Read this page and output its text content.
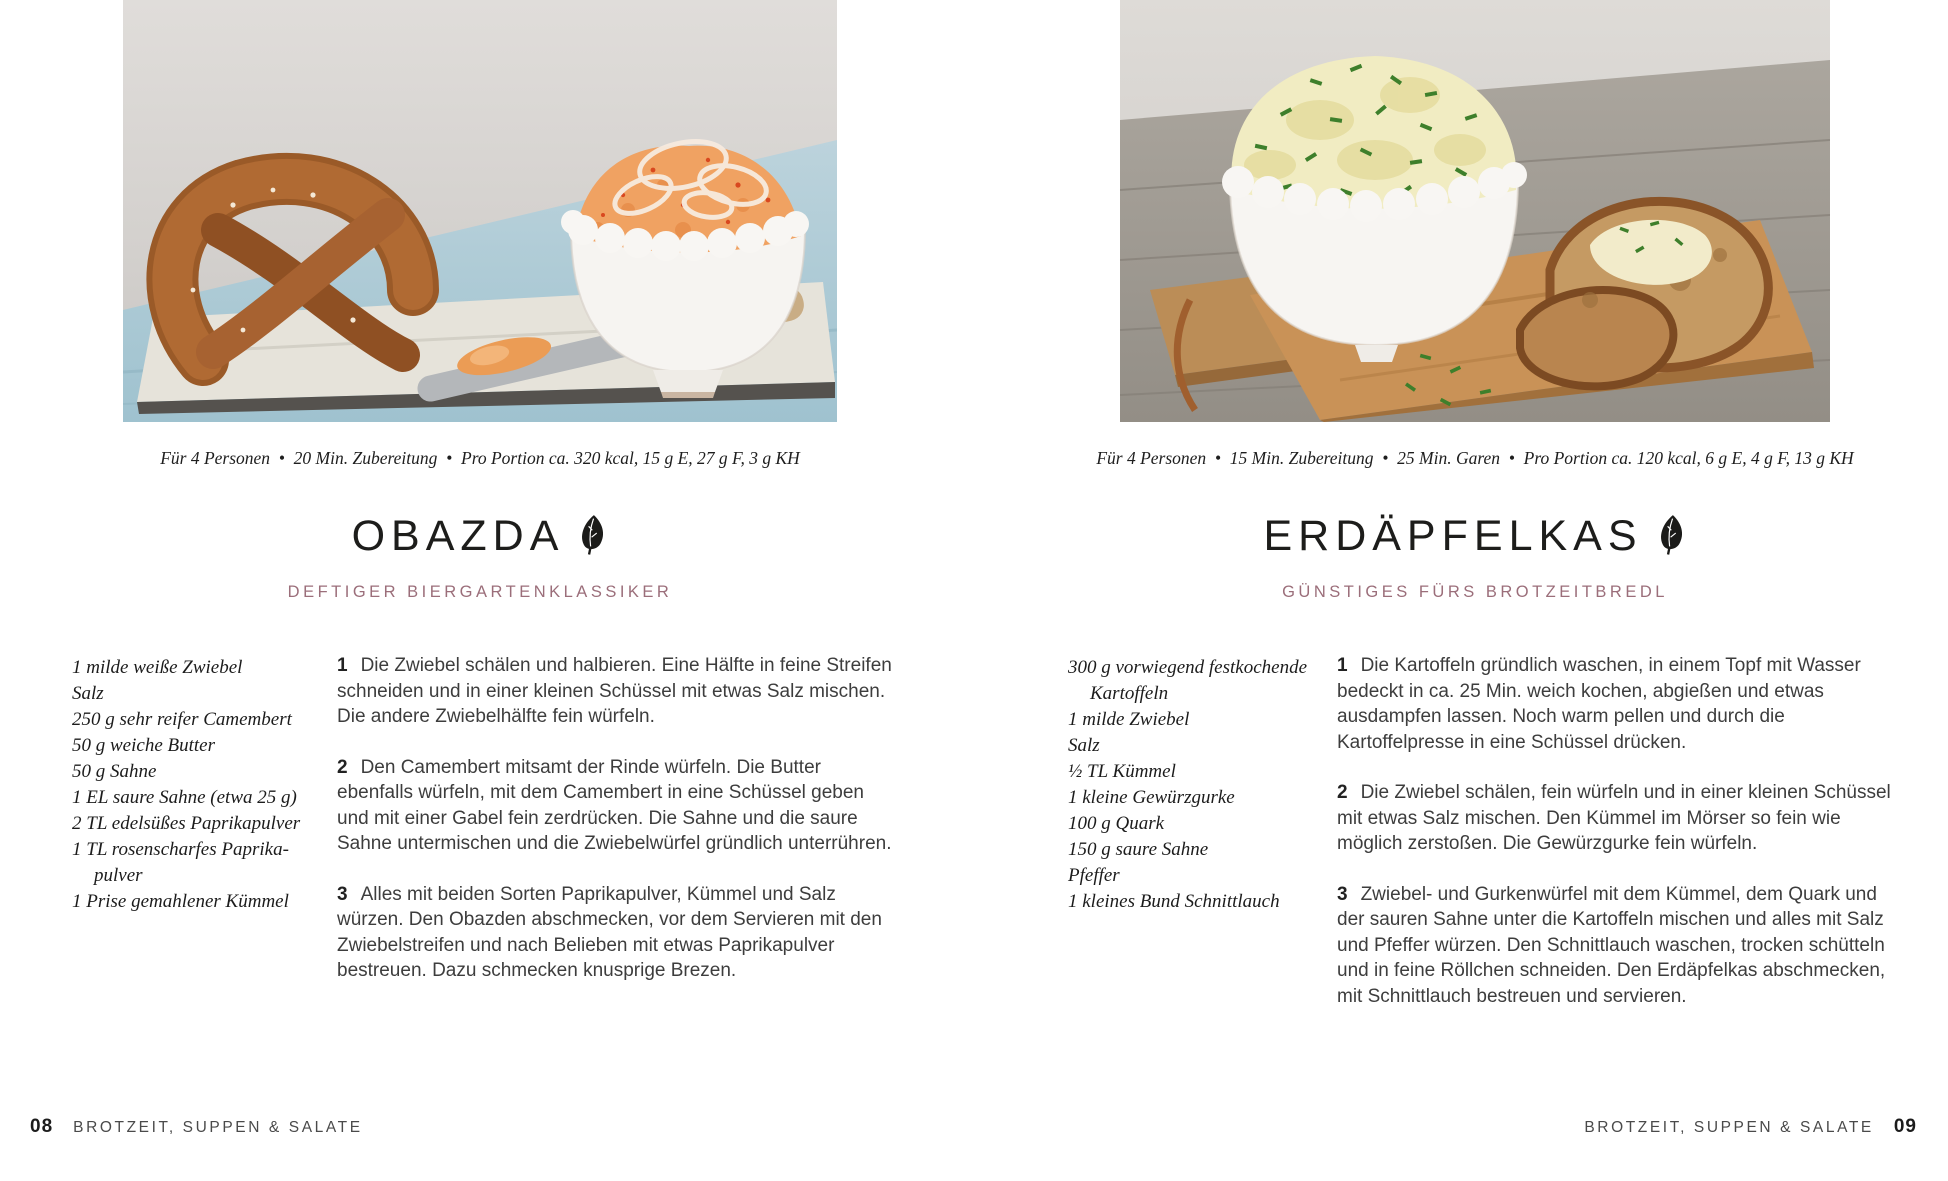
Für 4 Personen  •  20 Min. Zubereitung  •  Pro Portion ca. 320 kcal, 15 g E, 27 g F, 3 g KH
OBAZDA
DEFTIGER BIERGARTENKLASSIKER
1 milde weiße Zwiebel
Salz
250 g sehr reifer Camembert
50 g weiche Butter
50 g Sahne
1 EL saure Sahne (etwa 25 g)
2 TL edelsüßes Paprikapulver
1 TL rosenscharfes Paprika-
pulver
1 Prise gemahlener Kümmel

1 Die Zwiebel schälen und halbieren. Eine Hälfte in feine Streifen schneiden und in einer kleinen Schüssel mit etwas Salz mischen. Die andere Zwiebelhälfte fein würfeln.

2 Den Camembert mitsamt der Rinde würfeln. Die Butter ebenfalls würfeln, mit dem Camembert in eine Schüssel geben und mit einer Gabel fein zerdrücken. Die Sahne und die saure Sahne untermischen und die Zwiebelwürfel gründlich unterrühren.

3 Alles mit beiden Sorten Paprikapulver, Kümmel und Salz würzen. Den Obazden abschmecken, vor dem Servieren mit den Zwiebelstreifen und nach Belieben mit etwas Paprikapulver bestreuen. Dazu schmecken knusprige Brezen.

08 BROTZEIT, SUPPEN & SALATE
Für 4 Personen  •  15 Min. Zubereitung  •  25 Min. Garen  •  Pro Portion ca. 120 kcal, 6 g E, 4 g F, 13 g KH
ERDÄPFELKAS
GÜNSTIGES FÜRS BROTZEITBREDL
300 g vorwiegend festkochende
Kartoffeln
1 milde Zwiebel
Salz
½ TL Kümmel
1 kleine Gewürzgurke
100 g Quark
150 g saure Sahne
Pfeffer
1 kleines Bund Schnittlauch

1 Die Kartoffeln gründlich waschen, in einem Topf mit Wasser bedeckt in ca. 25 Min. weich kochen, abgießen und etwas ausdampfen lassen. Noch warm pellen und durch die Kartoffelpresse in eine Schüssel drücken.

2 Die Zwiebel schälen, fein würfeln und in einer kleinen Schüssel mit etwas Salz mischen. Den Kümmel im Mörser so fein wie möglich zerstoßen. Die Gewürzgurke fein würfeln.

3 Zwiebel- und Gurkenwürfel mit dem Kümmel, dem Quark und der sauren Sahne unter die Kartoffeln mischen und alles mit Salz und Pfeffer würzen. Den Schnittlauch waschen, trocken schütteln und in feine Röllchen schneiden. Den Erdäpfelkas abschmecken, mit Schnittlauch bestreuen und servieren.

09
BROTZEIT, SUPPEN & SALATE
